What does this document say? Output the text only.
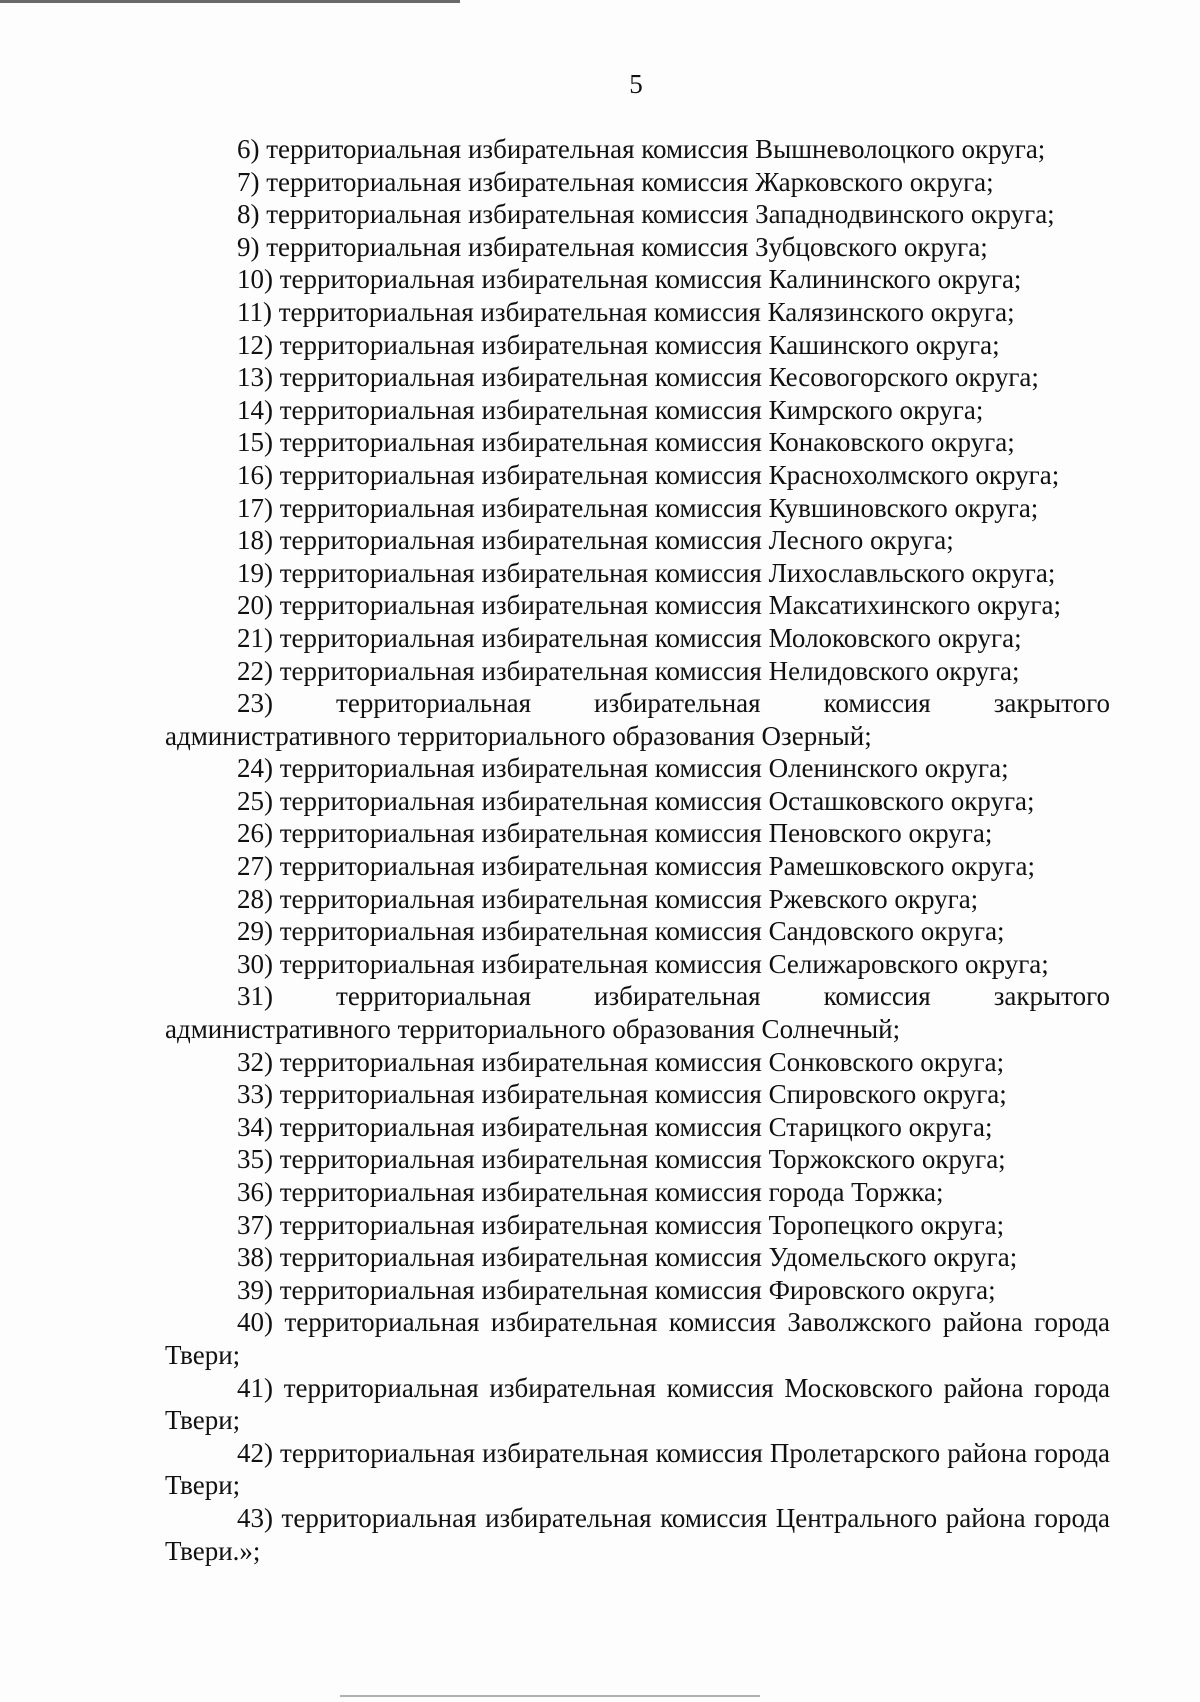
5

6) территориальная избирательная комиссия Вышневолоцкого округа;

7) территориальная избирательная комиссия Жарковского округа;

8) территориальная избирательная комиссия Западнодвинского округа;

9) территориальная избирательная комиссия Зубцовского округа;

10) территориальная избирательная комиссия Калининского округа;

11) территориальная избирательная комиссия Калязинского округа;

12) территориальная избирательная комиссия Кашинского округа;

13) территориальная избирательная комиссия Кесовогорского округа;

14) территориальная избирательная комиссия Кимрского округа;

15) территориальная избирательная комиссия Конаковского округа;

16) территориальная избирательная комиссия Краснохолмского округа;

17) территориальная избирательная комиссия Кувшиновского округа;

18) территориальная избирательная комиссия Лесного округа;

19) территориальная избирательная комиссия Лихославльского округа;

20) территориальная избирательная комиссия Максатихинского округа;

21) территориальная избирательная комиссия Молоковского округа;

22) территориальная избирательная комиссия Нелидовского округа;

23) территориальная избирательная комиссия закрытого административного территориального образования Озерный;

24) территориальная избирательная комиссия Оленинского округа;

25) территориальная избирательная комиссия Осташковского округа;

26) территориальная избирательная комиссия Пеновского округа;

27) территориальная избирательная комиссия Рамешковского округа;

28) территориальная избирательная комиссия Ржевского округа;

29) территориальная избирательная комиссия Сандовского округа;

30) территориальная избирательная комиссия Селижаровского округа;

31) территориальная избирательная комиссия закрытого административного территориального образования Солнечный;

32) территориальная избирательная комиссия Сонковского округа;

33) территориальная избирательная комиссия Спировского округа;

34) территориальная избирательная комиссия Старицкого округа;

35) территориальная избирательная комиссия Торжокского округа;

36) территориальная избирательная комиссия города Торжка;

37) территориальная избирательная комиссия Торопецкого округа;

38) территориальная избирательная комиссия Удомельского округа;

39) территориальная избирательная комиссия Фировского округа;

40) территориальная избирательная комиссия Заволжского района города Твери;

41) территориальная избирательная комиссия Московского района города Твери;

42) территориальная избирательная комиссия Пролетарского района города Твери;

43) территориальная избирательная комиссия Центрального района города Твери.»;
